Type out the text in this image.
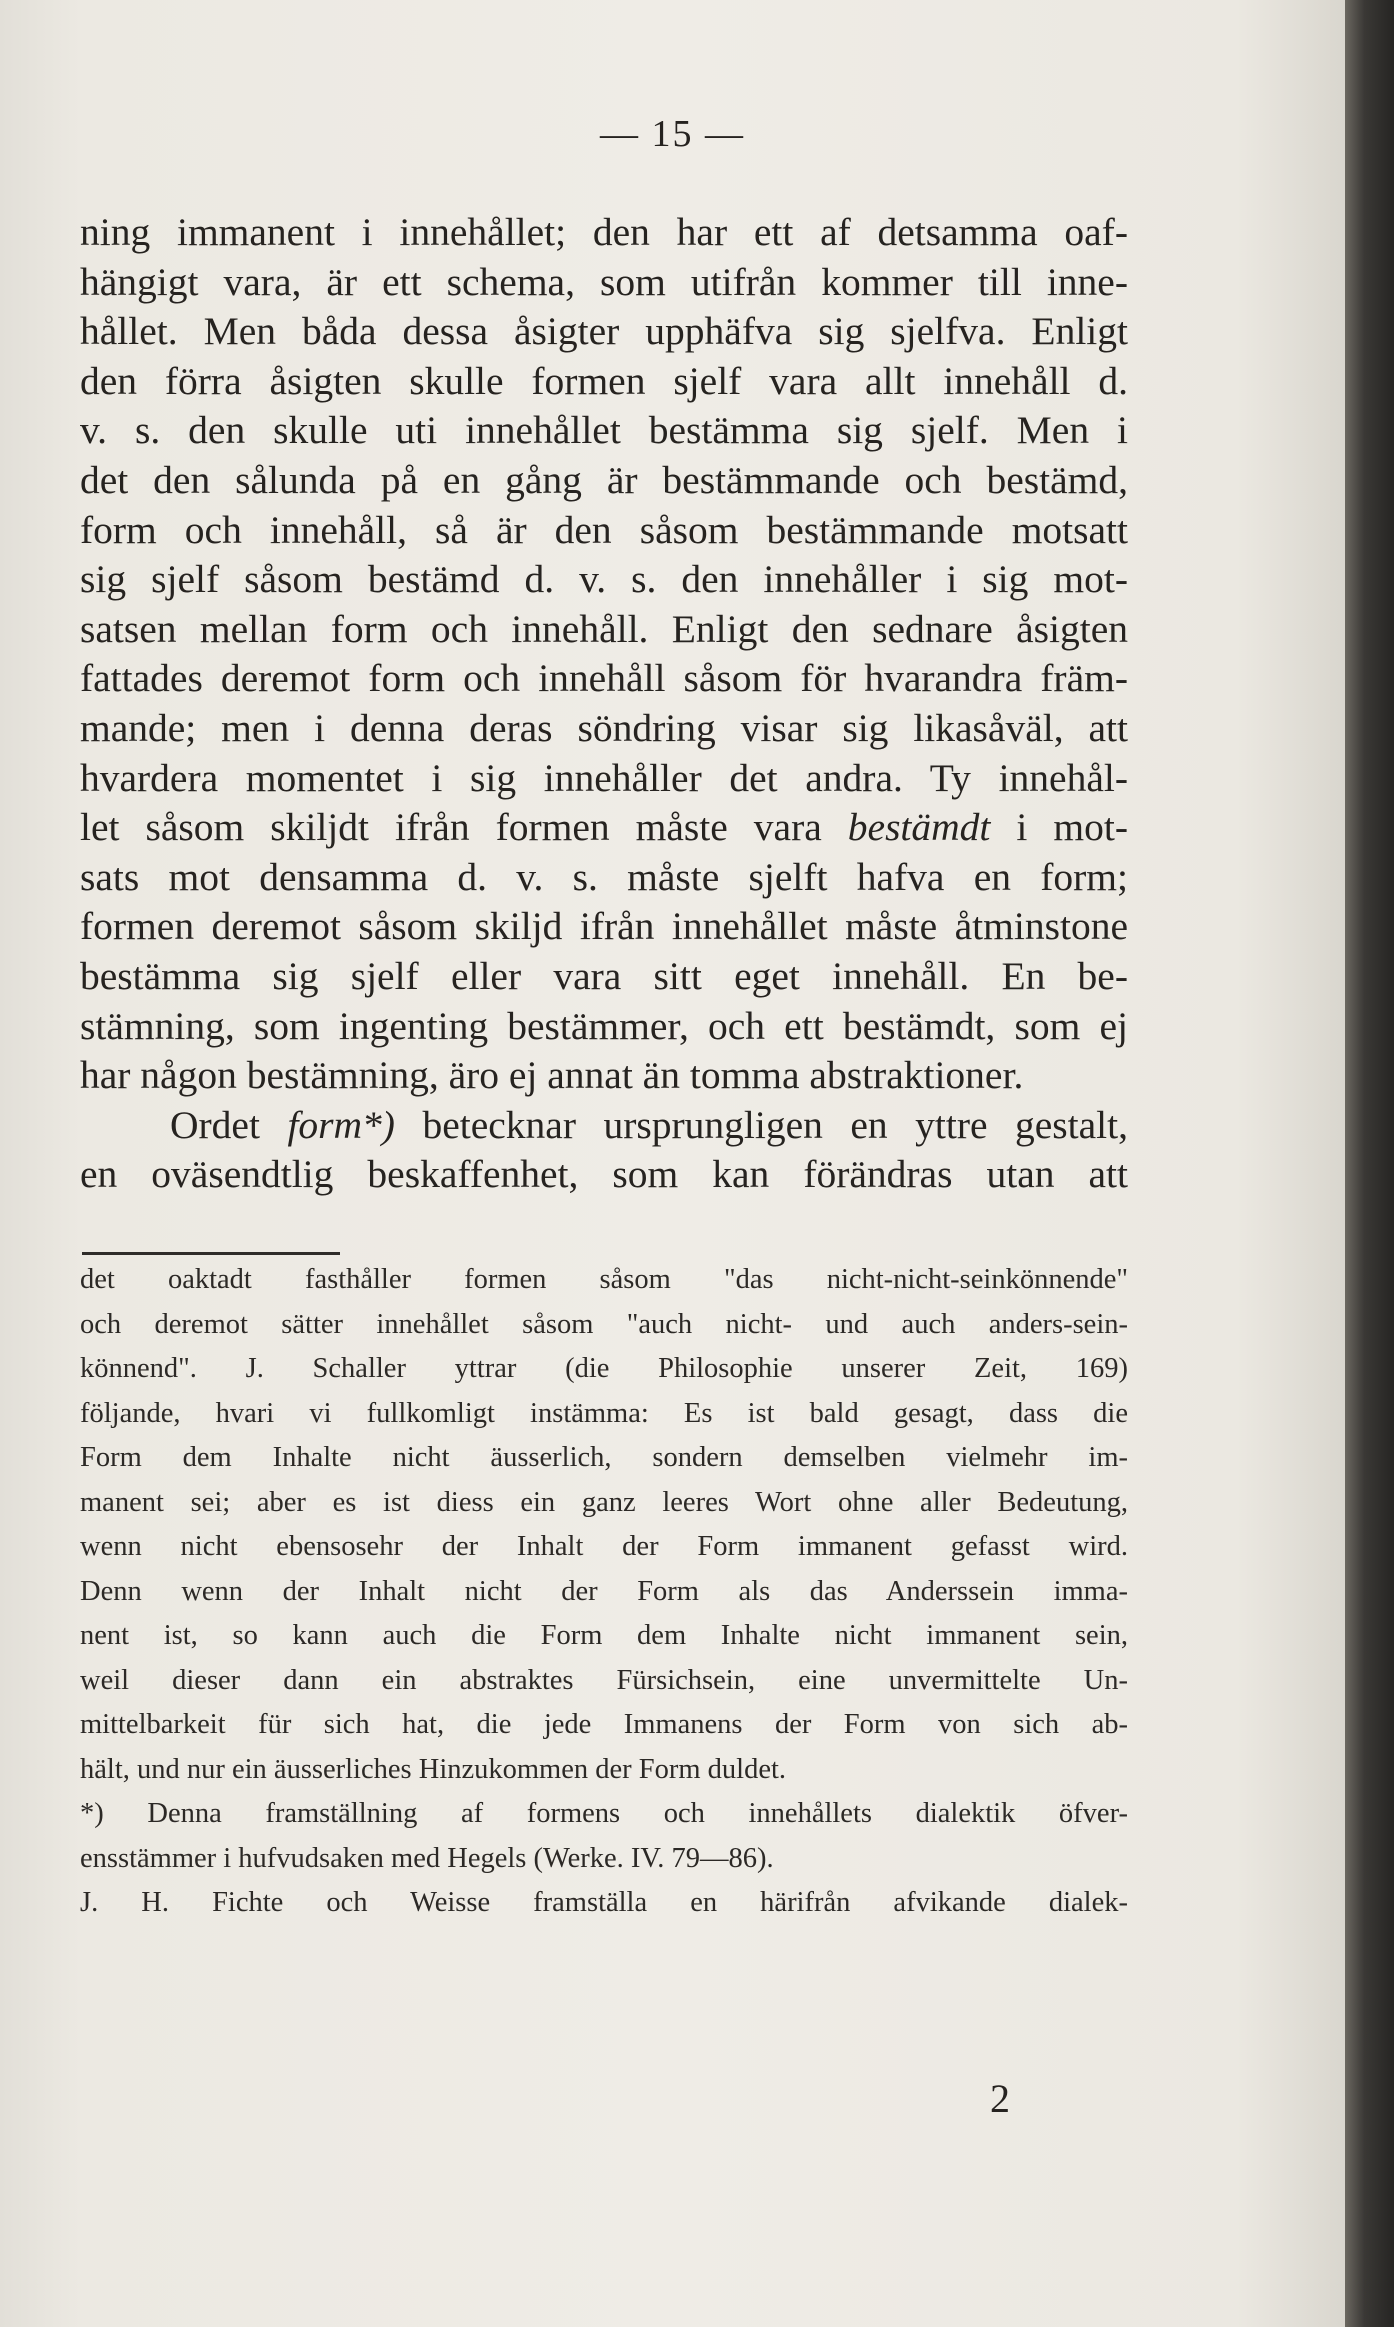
— 15 —
ning immanent i innehållet; den har ett af detsamma oaf-
hängigt vara, är ett schema, som utifrån kommer till inne-
hållet. Men båda dessa åsigter upphäfva sig sjelfva. Enligt
den förra åsigten skulle formen sjelf vara allt innehåll d.
v. s. den skulle uti innehållet bestämma sig sjelf. Men i
det den sålunda på en gång är bestämmande och bestämd,
form och innehåll, så är den såsom bestämmande motsatt
sig sjelf såsom bestämd d. v. s. den innehåller i sig mot-
satsen mellan form och innehåll. Enligt den sednare åsigten
fattades deremot form och innehåll såsom för hvarandra främ-
mande; men i denna deras söndring visar sig likasåväl, att
hvardera momentet i sig innehåller det andra. Ty innehål-
let såsom skiljdt ifrån formen måste vara bestämdt i mot-
sats mot densamma d. v. s. måste sjelft hafva en form;
formen deremot såsom skiljd ifrån innehållet måste åtminstone
bestämma sig sjelf eller vara sitt eget innehåll. En be-
stämning, som ingenting bestämmer, och ett bestämdt, som ej
har någon bestämning, äro ej annat än tomma abstraktioner.
Ordet form*) betecknar ursprungligen en yttre gestalt,
en oväsendtlig beskaffenhet, som kan förändras utan att
det oaktadt fasthåller formen såsom "das nicht-nicht-seinkönnende"
och deremot sätter innehållet såsom "auch nicht- und auch anders-sein-
könnend". J. Schaller yttrar (die Philosophie unserer Zeit, 169)
följande, hvari vi fullkomligt instämma: Es ist bald gesagt, dass die
Form dem Inhalte nicht äusserlich, sondern demselben vielmehr im-
manent sei; aber es ist diess ein ganz leeres Wort ohne aller Bedeutung,
wenn nicht ebensosehr der Inhalt der Form immanent gefasst wird.
Denn wenn der Inhalt nicht der Form als das Anderssein imma-
nent ist, so kann auch die Form dem Inhalte nicht immanent sein,
weil dieser dann ein abstraktes Fürsichsein, eine unvermittelte Un-
mittelbarkeit für sich hat, die jede Immanens der Form von sich ab-
hält, und nur ein äusserliches Hinzukommen der Form duldet.
*) Denna framställning af formens och innehållets dialektik öfver-
ensstämmer i hufvudsaken med Hegels (Werke. IV. 79—86).
J. H. Fichte och Weisse framställa en härifrån afvikande dialek-
2
